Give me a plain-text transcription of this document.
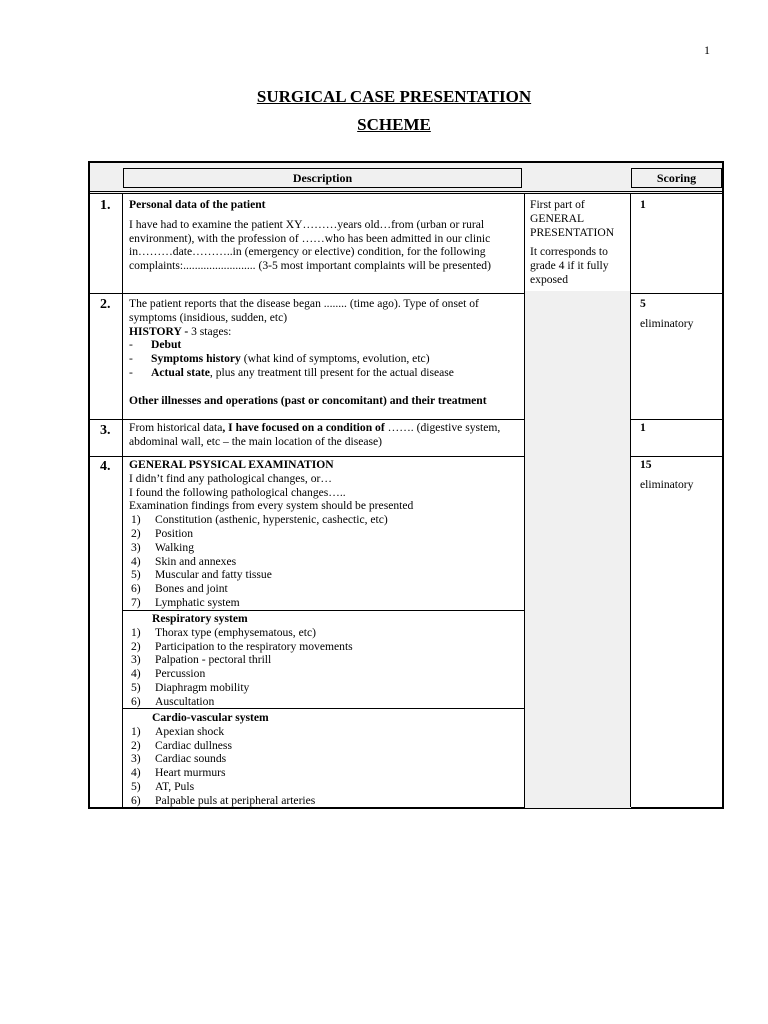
1
SURGICAL CASE PRESENTATION
SCHEME
Description	Scoring
1. Personal data of the patient
I have had to examine the patient XY………years old…from (urban or rural environment), with the profession of ……who has been admitted in our clinic in………date………..in (emergency or elective) condition, for the following complaints:......................... (3-5 most important complaints will be presented)
First part of
GENERAL
PRESENTATION
It corresponds to
grade 4 if it fully
exposed
1
2. The patient reports that the disease began ........ (time ago). Type of onset of symptoms (insidious, sudden, etc)
HISTORY - 3 stages:
- Debut
- Symptoms history (what kind of symptoms, evolution, etc)
- Actual state, plus any treatment till present for the actual disease
Other illnesses and operations (past or concomitant) and their treatment
5
eliminatory
3. From historical data, I have focused on a condition of ……. (digestive system, abdominal wall, etc – the main location of the disease)
1
4. GENERAL PSYSICAL EXAMINATION
I didn’t find any pathological changes, or…
I found the following pathological changes…..
Examination findings from every system should be presented
1) Constitution (asthenic, hyperstenic, cashectic, etc)
2) Position
3) Walking
4) Skin and annexes
5) Muscular and fatty tissue
6) Bones and joint
7) Lymphatic system
Respiratory system
1) Thorax type (emphysematous, etc)
2) Participation to the respiratory movements
3) Palpation - pectoral thrill
4) Percussion
5) Diaphragm mobility
6) Auscultation
Cardio-vascular system
1) Apexian shock
2) Cardiac dullness
3) Cardiac sounds
4) Heart murmurs
5) AT, Puls
6) Palpable puls at peripheral arteries
15
eliminatory
